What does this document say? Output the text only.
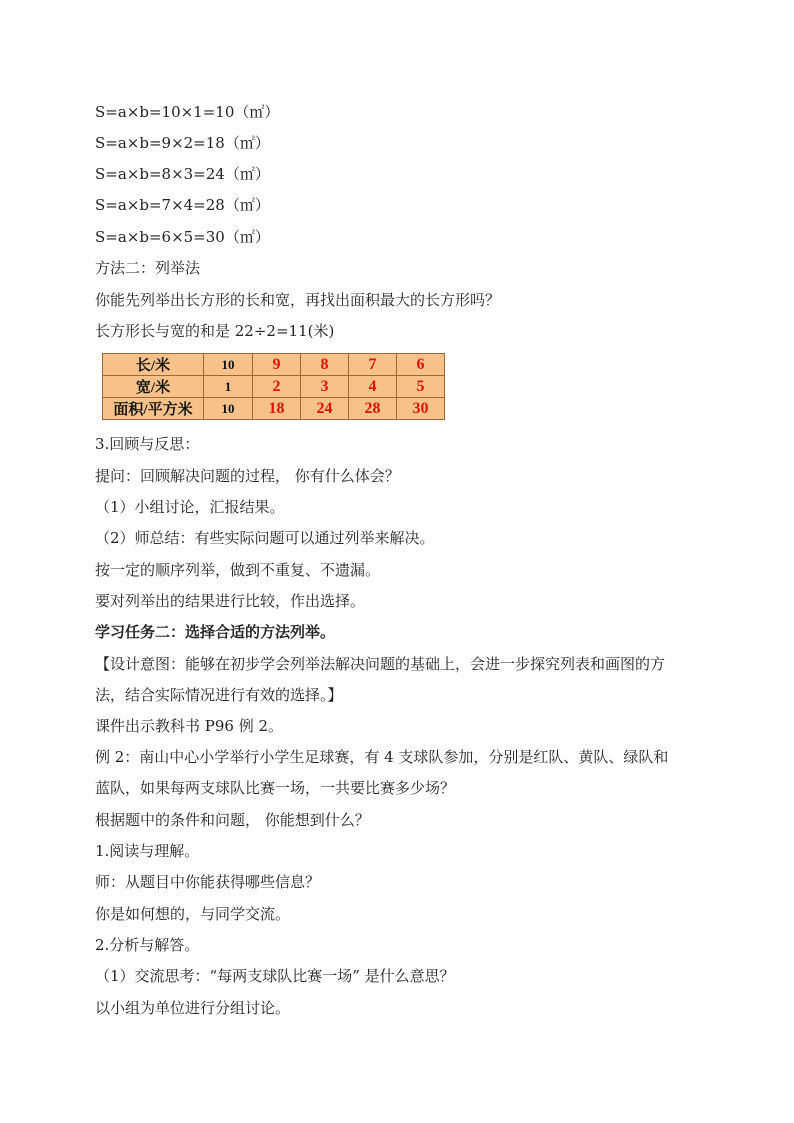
S=a×b=10×1=10（㎡）
S=a×b=9×2=18（㎡）
S=a×b=8×3=24（㎡）
S=a×b=7×4=28（㎡）
S=a×b=6×5=30（㎡）
方法二：列举法
你能先列举出长方形的长和宽，再找出面积最大的长方形吗？
长方形长与宽的和是 22÷2=11(米)
长/米	10	9	8	7	6
宽/米	1	2	3	4	5
面积/平方米	10	18	24	28	30
3.回顾与反思：
提问：回顾解决问题的过程， 你有什么体会？
（1）小组讨论，汇报结果。
（2）师总结：有些实际问题可以通过列举来解决。
按一定的顺序列举，做到不重复、不遗漏。
要对列举出的结果进行比较，作出选择。
学习任务二：选择合适的方法列举。
【设计意图：能够在初步学会列举法解决问题的基础上，会进一步探究列表和画图的方
法，结合实际情况进行有效的选择。】
课件出示教科书 P96 例 2。
例 2：南山中心小学举行小学生足球赛，有 4 支球队参加，分别是红队、黄队、绿队和
蓝队，如果每两支球队比赛一场，一共要比赛多少场？
根据题中的条件和问题， 你能想到什么？
1.阅读与理解。
师：从题目中你能获得哪些信息？
你是如何想的，与同学交流。
2.分析与解答。
（1）交流思考：“每两支球队比赛一场” 是什么意思？
以小组为单位进行分组讨论。
